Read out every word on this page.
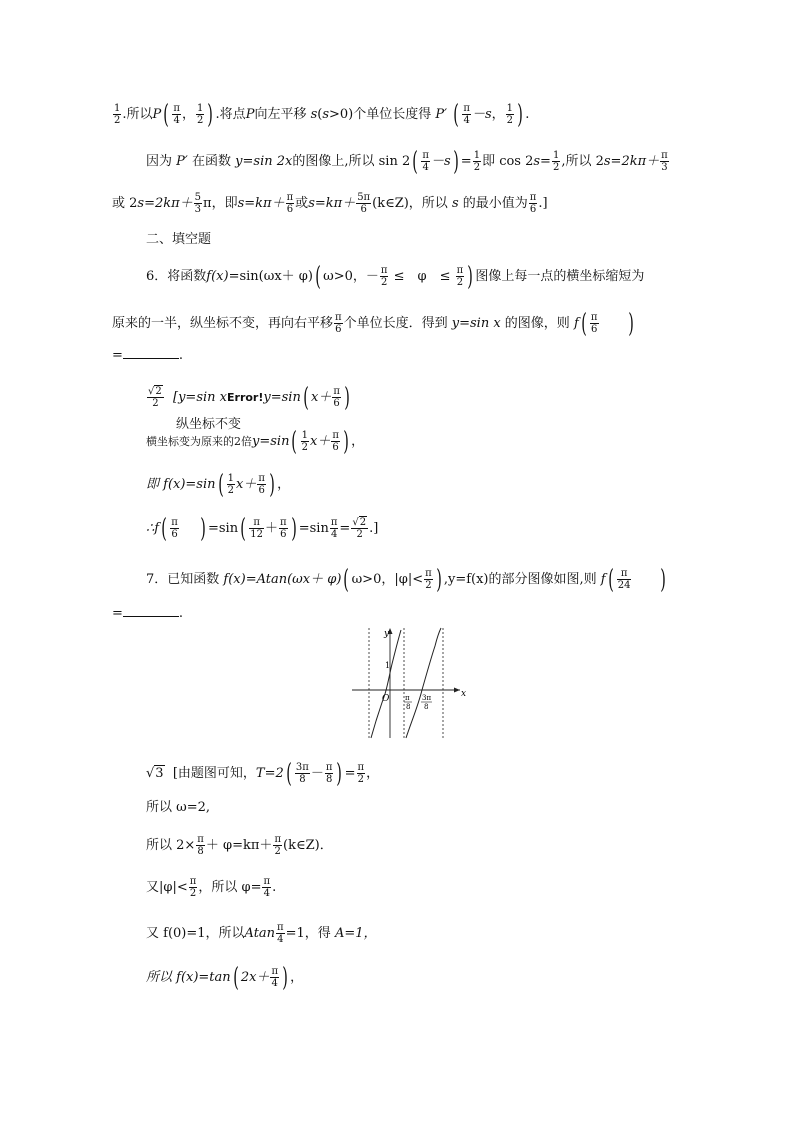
$\frac{1}{2}$ .所以$P( \frac{\pi}{4}$ ， $\frac{1}{2}$ ) .将点P向左平移 s(s>0)个单位长度得 P′ ( $\frac{\pi}{4} -s$， $\frac{1}{2}$ ) .
因为 P′ 在函数 y=sin 2x的图像上,所以 $\sin 2( \frac{\pi}{4} -s) = \frac{1}{2}$ 即 $\cos 2s= \frac{1}{2}$ ,所以 $2s=2k\pi+ \frac{\pi}{3}$
或 $2s=2k\pi+ \frac{5}{3}$ π，即$s=k\pi+ \frac{\pi}{6}$ 或$s=k\pi+ \frac{5\pi}{6}$ (k∈Z)，所以 s 的最小值为 $\frac{\pi}{6}$ .]
二、填空题
6．将函数f(x)=sin(ωx＋ φ)( ω>0，－ $\frac{\pi}{2}$ ≤　φ　≤ $\frac{\pi}{2}$ ) 图像上每一点的横坐标缩短为
原来的一半，纵坐标不变，再向右平移 $\frac{\pi}{6}$ 个单位长度．得到 y=sin x 的图像，则 $f( \frac{\pi}{6}$ )
=	.
$\frac{√2}{2} [y=\sin$ xError!y=sin( $x+ \frac{\pi}{6}$ )
纵坐标不变
横坐标变为原来的2倍$y=\sin( \frac{1}{2} x+ \frac{\pi}{6}$ ) ，
即 $f(x)=\sin( \frac{1}{2} x+ \frac{\pi}{6}$ ) ，
∴f( $\frac{\pi}{6}$ ) $=\sin( \frac{\pi}{12} + \frac{\pi}{6}$ ) $=\sin \frac{\pi}{4} = \frac{√2}{2}$ .]
7．已知函数 f(x)=Atan(ωx＋ φ)( ω>0，$|\varphi|< \frac{\pi}{2}$ ) ,y=f(x)的部分图像如图,则 $f( \frac{\pi}{24}$ )
=	.
y
x
O
1
π
8
3π
8
√3 [由题图可知，$T=2( \frac{3\pi}{8} - \frac{\pi}{8}$ ) = $\frac{\pi}{2}$ ，
所以 ω=2,
所以 $2\times \frac{\pi}{8} + \varphi=k\pi+ \frac{\pi}{2}$ (k∈Z)．
又$|\varphi|< \frac{\pi}{2}$ ，所以 $\varphi= \frac{\pi}{4}$ .
又 f(0)=1，所以Atan $\frac{\pi}{4} =1$，得 A=1，
所以 f(x)=tan( $2x+ \frac{\pi}{4}$ ) ，
